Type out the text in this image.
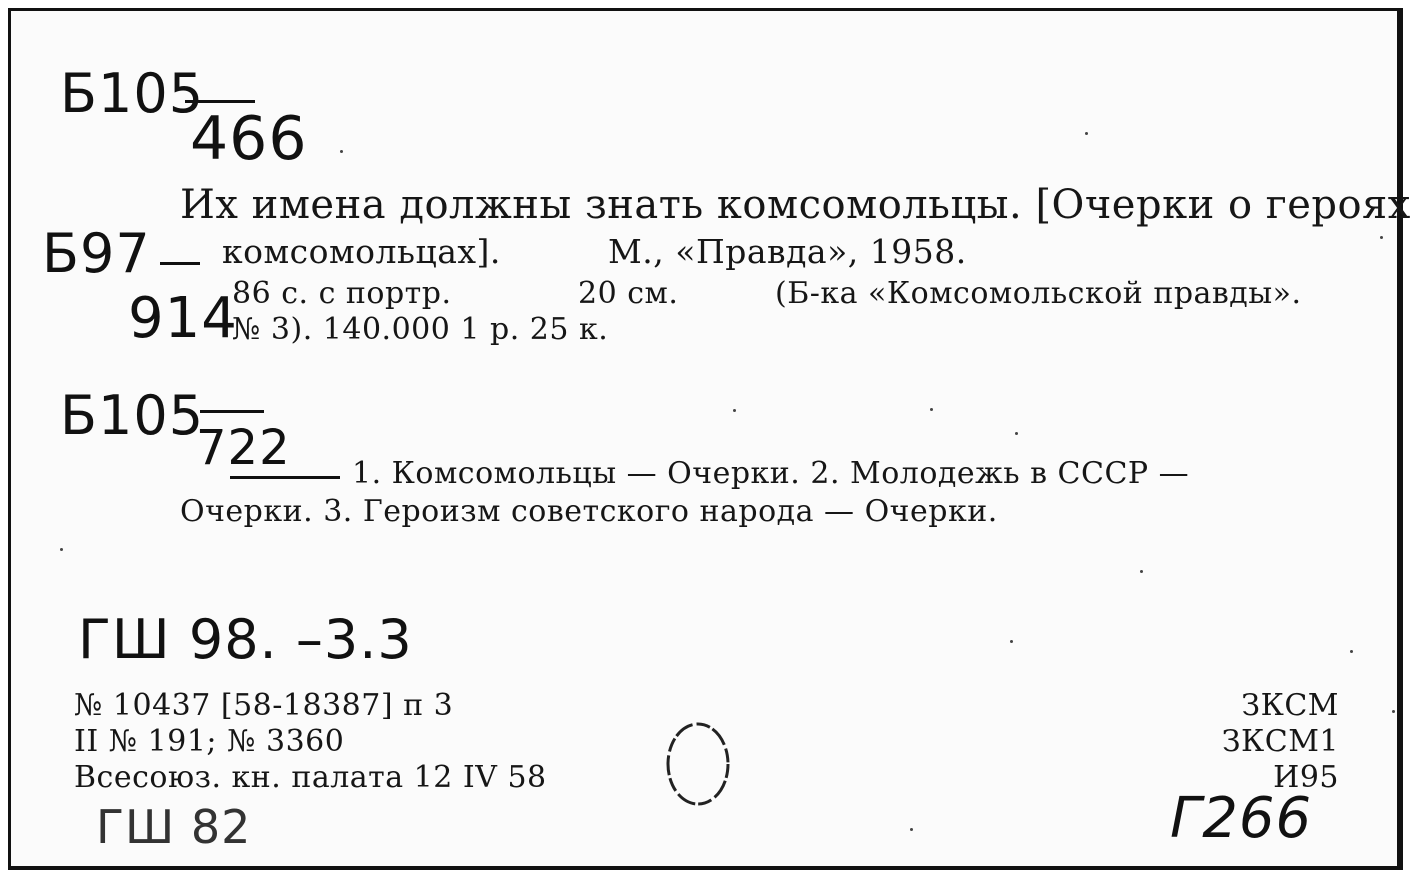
Б105
466
Б97
914
Их имена должны знать комсомольцы. [Очерки о героях
комсомольцах].	М., «Правда», 1958.
86 с. с портр.	20 см.	(Б-ка «Комсомольской правды».
№ 3). 140.000 1 р. 25 к.
Б105
722 1. Комсомольцы — Очерки. 2. Молодежь в СССР —
Очерки. 3. Героизм советского народа — Очерки.
ГШ 98. –3.3
№ 10437 [58-18387] п 3
II № 191; № 3360
Всесоюз. кн. палата 12 IV 58
ЗКСМ
ЗКСМ1
И95
ГШ 82	Г266
